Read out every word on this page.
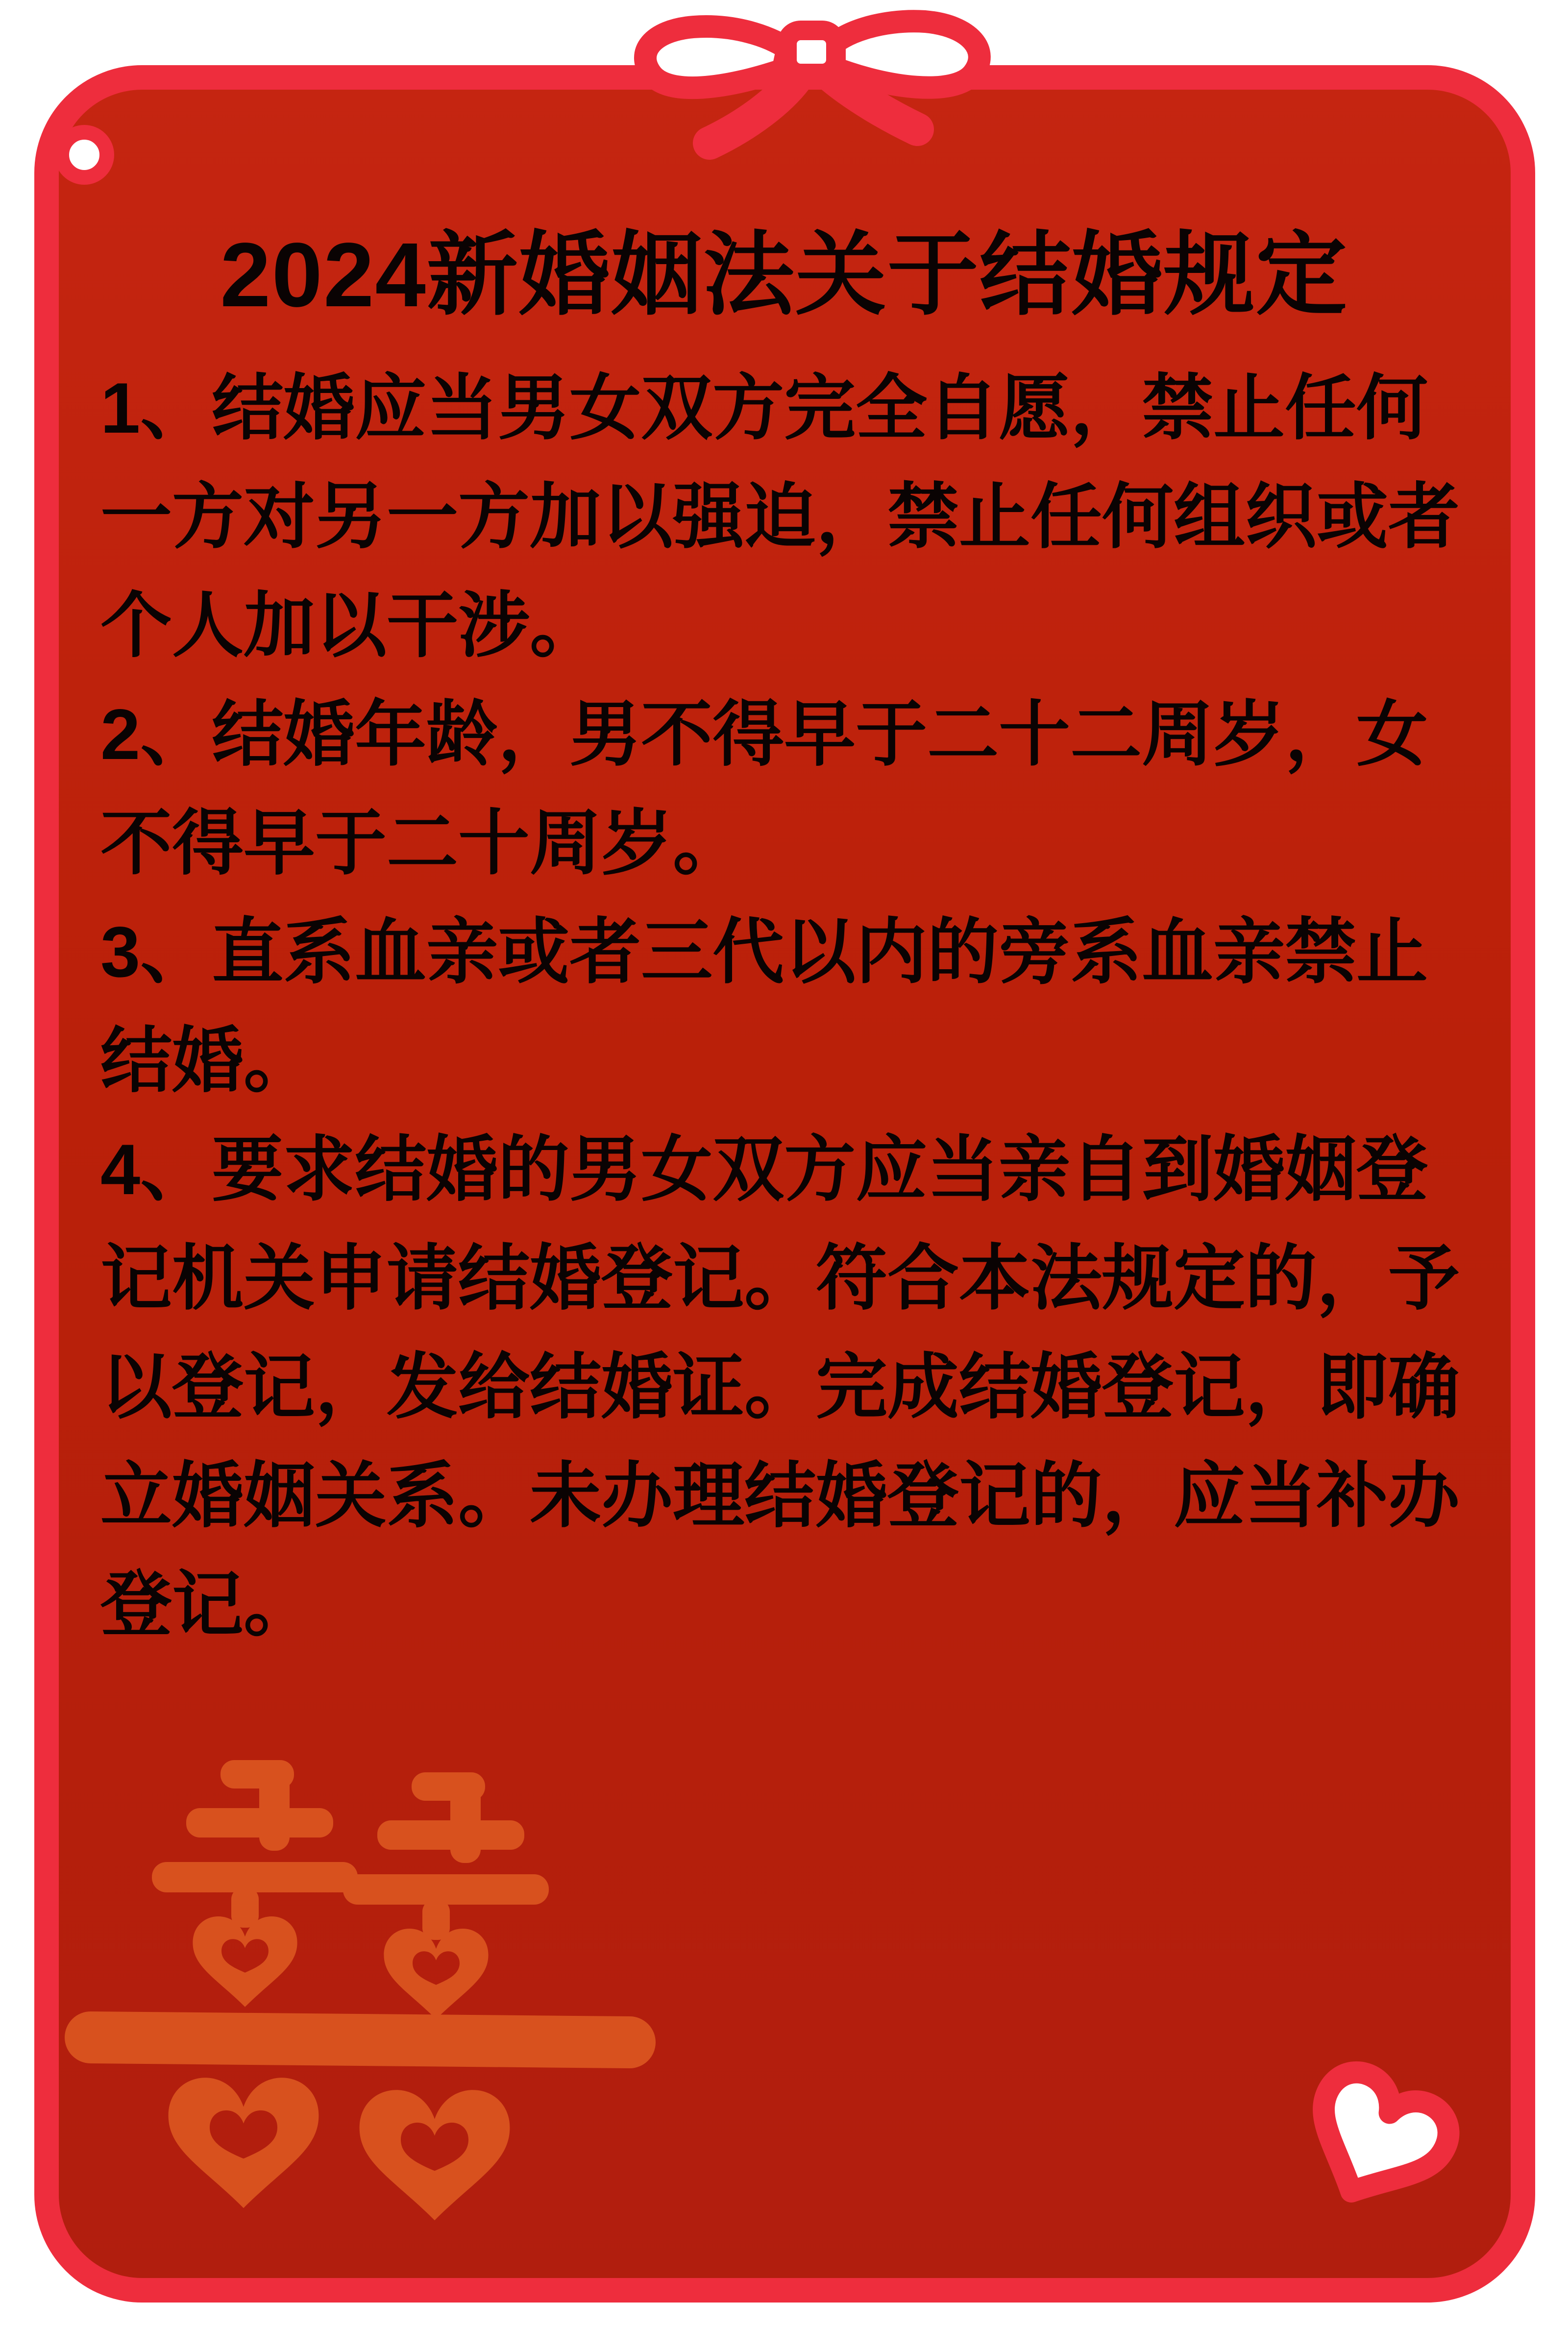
2024新婚姻法关于结婚规定

1、结婚应当男女双方完全自愿，禁止任何一方对另一方加以强迫，禁止任何组织或者个人加以干涉。

2、结婚年龄，男不得早于二十二周岁，女不得早于二十周岁。

3、直系血亲或者三代以内的旁系血亲禁止结婚。

4、要求结婚的男女双方应当亲自到婚姻登记机关申请结婚登记。符合本法规定的，予以登记，发给结婚证。完成结婚登记，即确立婚姻关系。未办理结婚登记的，应当补办登记。
